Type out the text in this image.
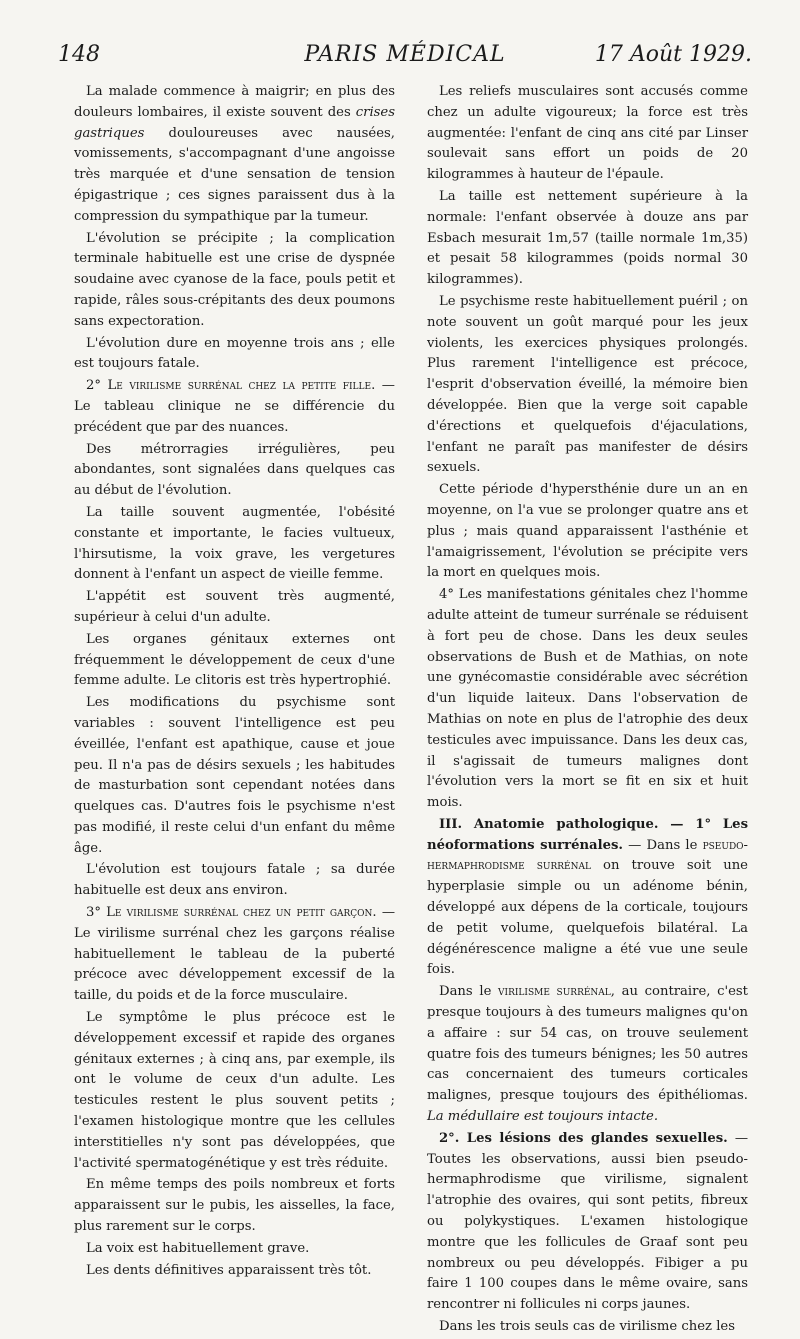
148	PARIS MÉDICAL	17 Août 1929.

La malade commence à maigrir; en plus des douleurs lombaires, il existe souvent des crises gastriques douloureuses avec nausées, vomissements, s'accompagnant d'une angoisse très marquée et d'une sensation de tension épigastrique ; ces signes paraissent dus à la compression du sympathique par la tumeur.

L'évolution se précipite ; la complication terminale habituelle est une crise de dyspnée soudaine avec cyanose de la face, pouls petit et rapide, râles sous-crépitants des deux poumons sans expectoration.

L'évolution dure en moyenne trois ans ; elle est toujours fatale.

2° Le virilisme surrénal chez la petite fille. — Le tableau clinique ne se différencie du précédent que par des nuances.

Des métrorragies irrégulières, peu abondantes, sont signalées dans quelques cas au début de l'évolution.

La taille souvent augmentée, l'obésité constante et importante, le facies vultueux, l'hirsutisme, la voix grave, les vergetures donnent à l'enfant un aspect de vieille femme.

L'appétit est souvent très augmenté, supérieur à celui d'un adulte.

Les organes génitaux externes ont fréquemment le développement de ceux d'une femme adulte. Le clitoris est très hypertrophié.

Les modifications du psychisme sont variables : souvent l'intelligence est peu éveillée, l'enfant est apathique, cause et joue peu. Il n'a pas de désirs sexuels ; les habitudes de masturbation sont cependant notées dans quelques cas. D'autres fois le psychisme n'est pas modifié, il reste celui d'un enfant du même âge.

L'évolution est toujours fatale ; sa durée habituelle est deux ans environ.

3° Le virilisme surrénal chez un petit garçon. — Le virilisme surrénal chez les garçons réalise habituellement le tableau de la puberté précoce avec développement excessif de la taille, du poids et de la force musculaire.

Le symptôme le plus précoce est le développement excessif et rapide des organes génitaux externes ; à cinq ans, par exemple, ils ont le volume de ceux d'un adulte. Les testicules restent le plus souvent petits ; l'examen histologique montre que les cellules interstitielles n'y sont pas développées, que l'activité spermatogénétique y est très réduite.

En même temps des poils nombreux et forts apparaissent sur le pubis, les aisselles, la face, plus rarement sur le corps.

La voix est habituellement grave.

Les dents définitives apparaissent très tôt.

Les reliefs musculaires sont accusés comme chez un adulte vigoureux; la force est très augmentée: l'enfant de cinq ans cité par Linser soulevait sans effort un poids de 20 kilogrammes à hauteur de l'épaule.

La taille est nettement supérieure à la normale: l'enfant observée à douze ans par Esbach mesurait 1m,57 (taille normale 1m,35) et pesait 58 kilogrammes (poids normal 30 kilogrammes).

Le psychisme reste habituellement puéril ; on note souvent un goût marqué pour les jeux violents, les exercices physiques prolongés. Plus rarement l'intelligence est précoce, l'esprit d'observation éveillé, la mémoire bien développée. Bien que la verge soit capable d'érections et quelquefois d'éjaculations, l'enfant ne paraît pas manifester de désirs sexuels.

Cette période d'hypersthénie dure un an en moyenne, on l'a vue se prolonger quatre ans et plus ; mais quand apparaissent l'asthénie et l'amaigrissement, l'évolution se précipite vers la mort en quelques mois.

4° Les manifestations génitales chez l'homme adulte atteint de tumeur surrénale se réduisent à fort peu de chose. Dans les deux seules observations de Bush et de Mathias, on note une gynécomastie considérable avec sécrétion d'un liquide laiteux. Dans l'observation de Mathias on note en plus de l'atrophie des deux testicules avec impuissance. Dans les deux cas, il s'agissait de tumeurs malignes dont l'évolution vers la mort se fit en six et huit mois.

III. Anatomie pathologique. — 1° Les néoformations surrénales. — Dans le pseudo-hermaphrodisme surrénal on trouve soit une hyperplasie simple ou un adénome bénin, développé aux dépens de la corticale, toujours de petit volume, quelquefois bilatéral. La dégénérescence maligne a été vue une seule fois.

Dans le virilisme surrénal, au contraire, c'est presque toujours à des tumeurs malignes qu'on a affaire : sur 54 cas, on trouve seulement quatre fois des tumeurs bénignes; les 50 autres cas concernaient des tumeurs corticales malignes, presque toujours des épithéliomas. La médullaire est toujours intacte.

2°. Les lésions des glandes sexuelles. — Toutes les observations, aussi bien pseudo-hermaphrodisme que virilisme, signalent l'atrophie des ovaires, qui sont petits, fibreux ou polykystiques. L'examen histologique montre que les follicules de Graaf sont peu nombreux ou peu développés. Fibiger a pu faire 1 100 coupes dans le même ovaire, sans rencontrer ni follicules ni corps jaunes.

Dans les trois seuls cas de virilisme chez les
